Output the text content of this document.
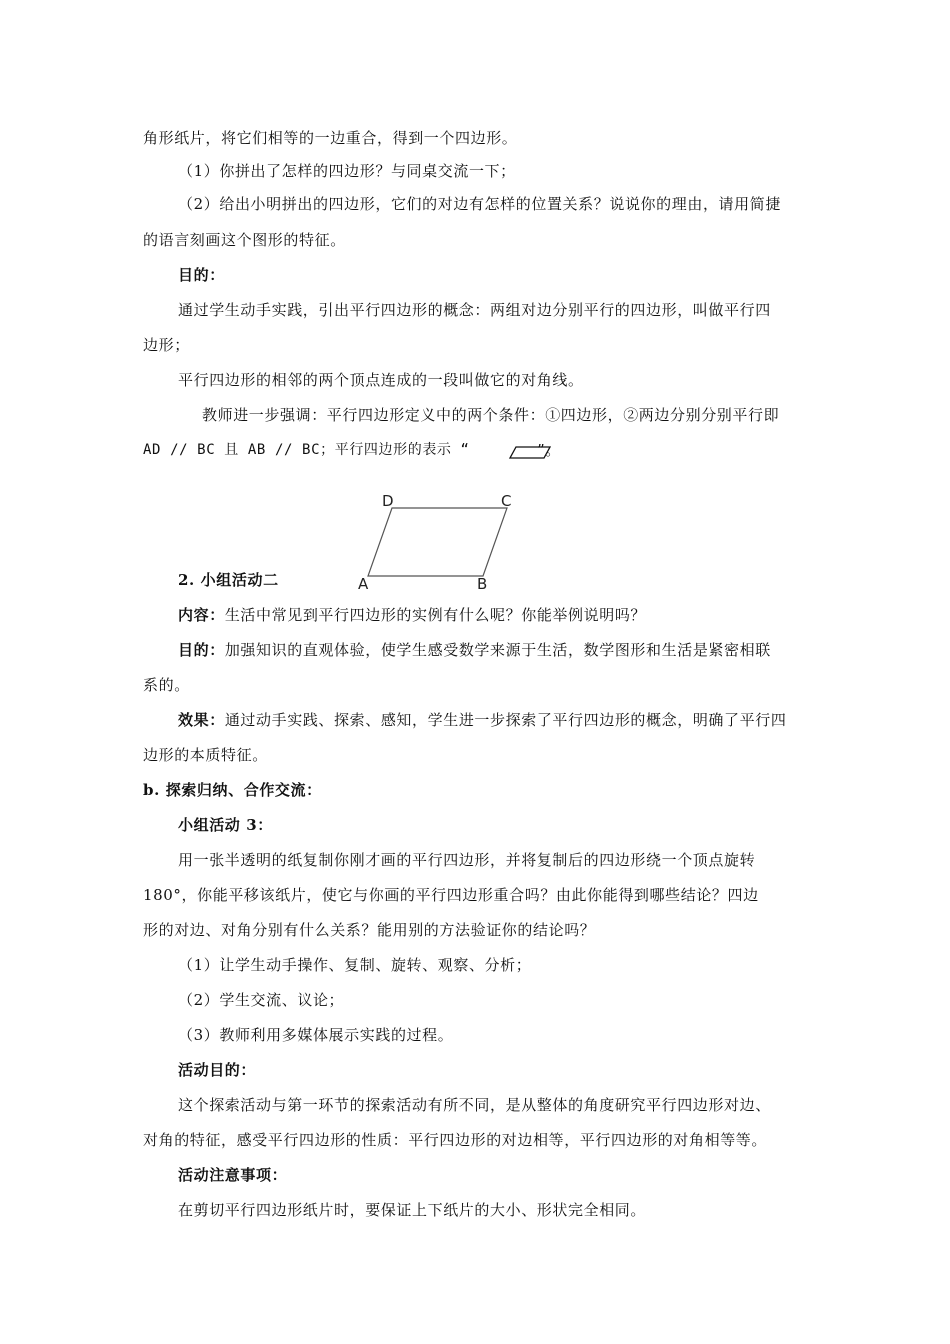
角形纸片，将它们相等的一边重合，得到一个四边形。
（1）你拼出了怎样的四边形？与同桌交流一下；
（2）给出小明拼出的四边形，它们的对边有怎样的位置关系？说说你的理由，请用简捷
的语言刻画这个图形的特征。
目的：
通过学生动手实践，引出平行四边形的概念：两组对边分别平行的四边形，叫做平行四
边形；
平行四边形的相邻的两个顶点连成的一段叫做它的对角线。
教师进一步强调：平行四边形定义中的两个条件：①四边形，②两边分别分别平行即
AD // BC 且 AB // BC；平行四边形的表示 “	”。
A	B
C
D
2. 小组活动二
内容：生活中常见到平行四边形的实例有什么呢？你能举例说明吗？
目的：加强知识的直观体验，使学生感受数学来源于生活，数学图形和生活是紧密相联
系的。
效果：通过动手实践、探索、感知，学生进一步探索了平行四边形的概念，明确了平行四
边形的本质特征。
b. 探索归纳、合作交流：
小组活动 3：
用一张半透明的纸复制你刚才画的平行四边形，并将复制后的四边形绕一个顶点旋转
180°，你能平移该纸片，使它与你画的平行四边形重合吗？由此你能得到哪些结论？四边
形的对边、对角分别有什么关系？能用别的方法验证你的结论吗？
（1）让学生动手操作、复制、旋转、观察、分析；
（2）学生交流、议论；
（3）教师利用多媒体展示实践的过程。
活动目的：
这个探索活动与第一环节的探索活动有所不同，是从整体的角度研究平行四边形对边、
对角的特征，感受平行四边形的性质：平行四边形的对边相等，平行四边形的对角相等等。
活动注意事项：
在剪切平行四边形纸片时，要保证上下纸片的大小、形状完全相同。
